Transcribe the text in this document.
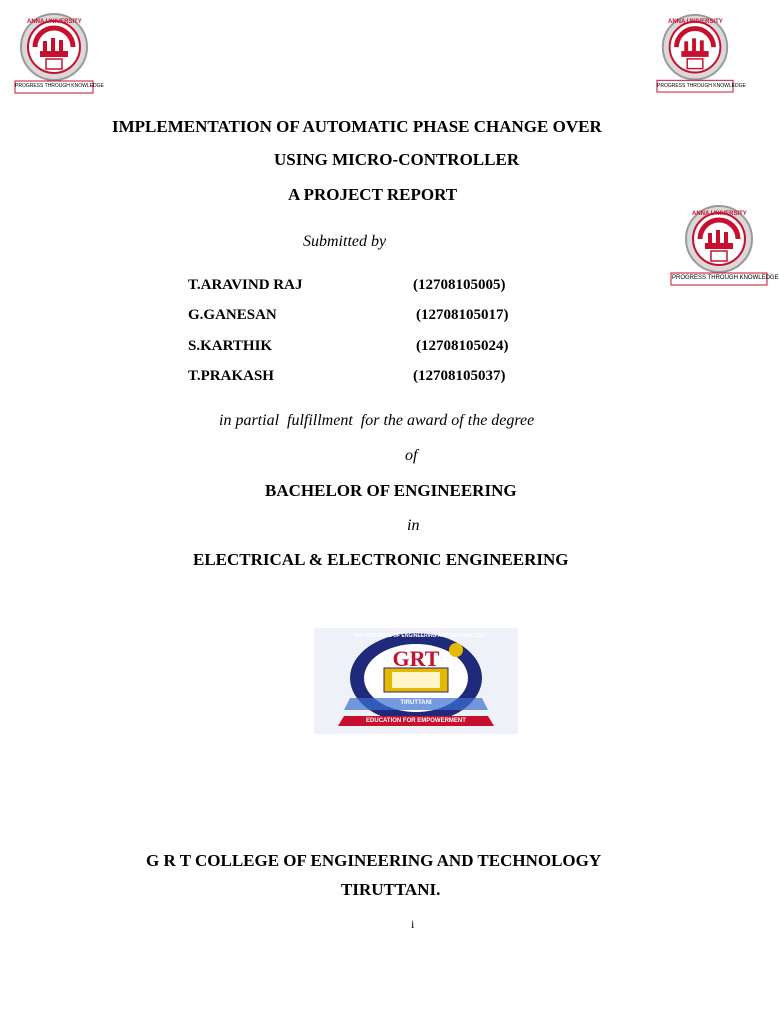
ANNA UNIVERSITY
PROGRESS THROUGH KNOWLEDGE
ANNA UNIVERSITY
PROGRESS THROUGH KNOWLEDGE
ANNA UNIVERSITY
PROGRESS THROUGH KNOWLEDGE
IMPLEMENTATION OF AUTOMATIC PHASE CHANGE OVER
USING MICRO-CONTROLLER
A PROJECT REPORT
Submitted by
T.ARAVIND RAJ	(12708105005)
G.GANESAN	(12708105017)
S.KARTHIK	(12708105024)
T.PRAKASH	(12708105037)
in partial  fulfillment  for the award of the degree
of
BACHELOR OF ENGINEERING
in
ELECTRICAL & ELECTRONIC ENGINEERING
GRT
GRT INSTITUTE OF ENGINEERING AND TECHNOLOGY
TIRUTTANI
EDUCATION FOR EMPOWERMENT
G R T COLLEGE OF ENGINEERING AND TECHNOLOGY
TIRUTTANI.
i
